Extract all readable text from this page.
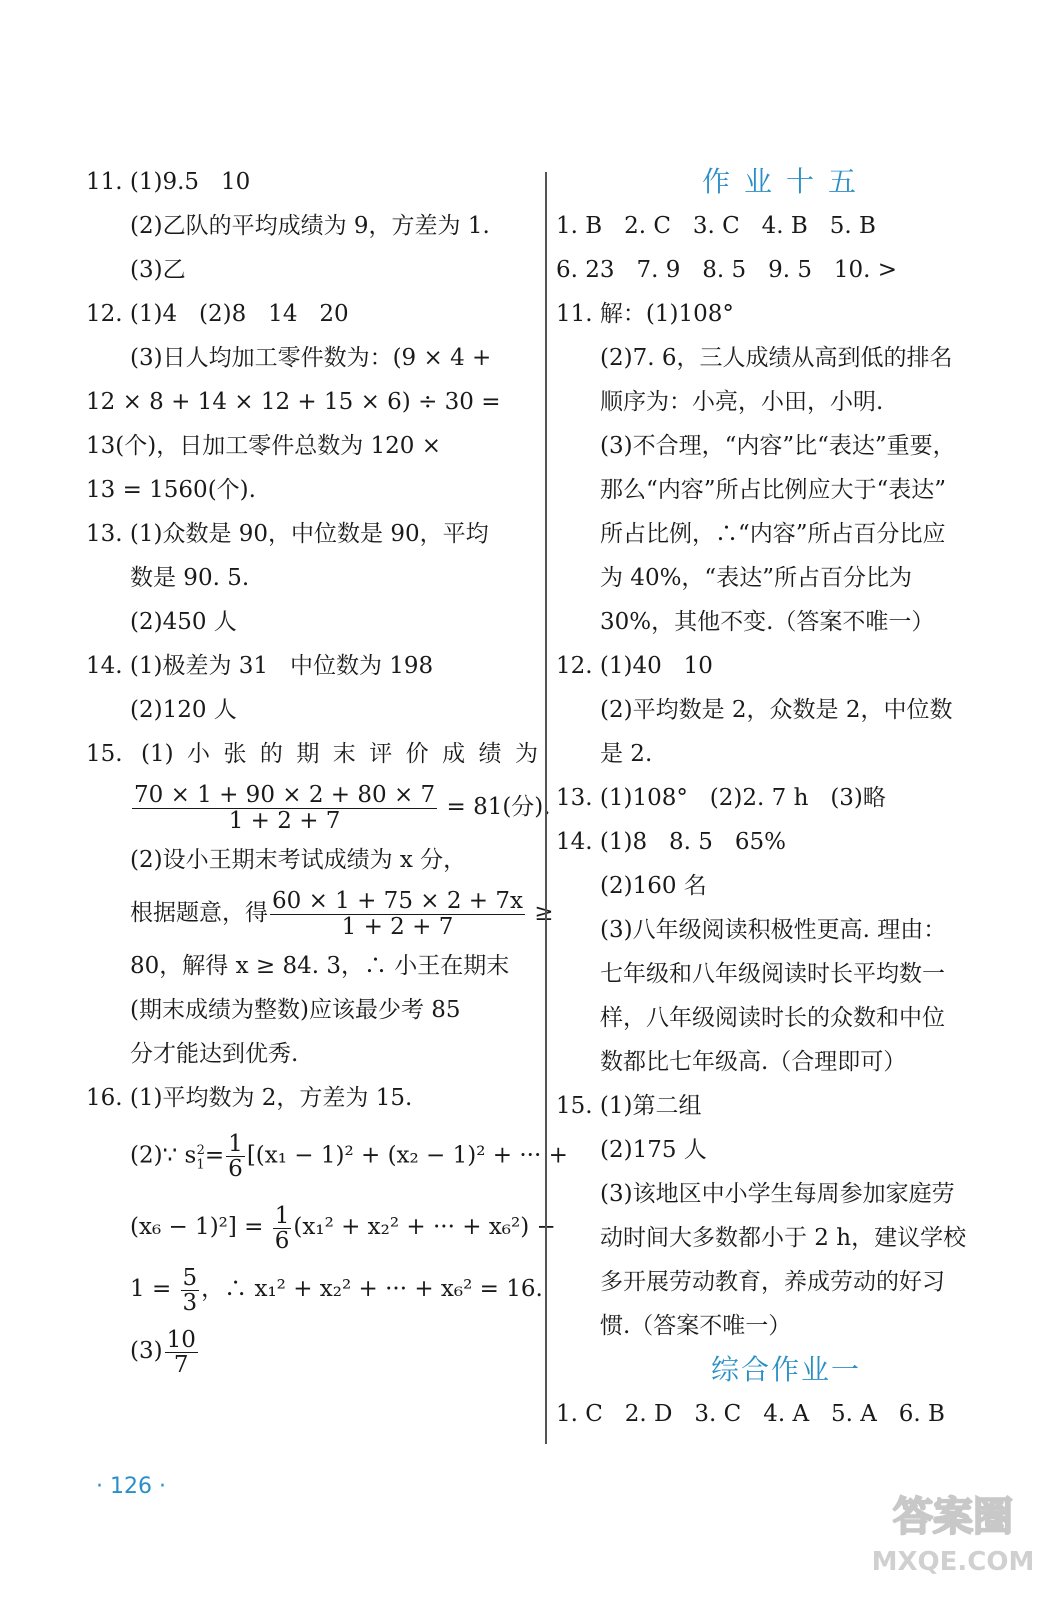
11. (1)9.5   10
(2)乙队的平均成绩为 9，方差为 1.
(3)乙
12. (1)4   (2)8   14   20
(3)日人均加工零件数为：(9 × 4 +
12 × 8 + 14 × 12 + 15 × 6) ÷ 30 =
13(个)，日加工零件总数为 120 ×
13 = 1560(个).
13. (1)众数是 90，中位数是 90，平均
数是 90. 5.
(2)450 人
14. (1)极差为 31   中位数为 198
(2)120 人
15. (1) 小 张 的 期 末 评 价 成 绩 为
$\frac{70 \times 1 + 90 \times 2 + 80 \times 7}{1 + 2 + 7} = 81$(分).
(2)设小王期末考试成绩为 x 分，
根据题意，得 $\frac{60 \times 1 + 75 \times 2 + 7x}{1 + 2 + 7}$ ≥
80，解得 x ≥ 84. 3，∴ 小王在期末
(期末成绩为整数)应该最少考 85
分才能达到优秀.
16. (1)平均数为 2，方差为 15.
(2)∵ $s_1^2= \frac{1}{6} [(x_1 - 1)^2 + (x_2 - 1)^2$ + ··· +
$(x_6 - 1)^2] = \frac{1}{6} (x_1^2 + x_2^2$ + ··· + x₆²) −
$1 = \frac{5}{3}$ ，∴ x₁² + x₂² + ··· + x₆² = 16.
$(3) \frac{10}{7}$
作业十五
1. B   2. C   3. C   4. B   5. B
6. 23   7. 9   8. 5   9. 5   10. >
11. 解：(1)108°
(2)7. 6，三人成绩从高到低的排名
顺序为：小亮，小田，小明.
(3)不合理，“内容”比“表达”重要，
那么“内容”所占比例应大于“表达”
所占比例，∴“内容”所占百分比应
为 40%，“表达”所占百分比为
30%，其他不变.（答案不唯一）
12. (1)40   10
(2)平均数是 2，众数是 2，中位数
是 2.
13. (1)108°   (2)2. 7 h   (3)略
14. (1)8   8. 5   65%
(2)160 名
(3)八年级阅读积极性更高. 理由：
七年级和八年级阅读时长平均数一
样，八年级阅读时长的众数和中位
数都比七年级高.（合理即可）
15. (1)第二组
(2)175 人
(3)该地区中小学生每周参加家庭劳
动时间大多数都小于 2 h，建议学校
多开展劳动教育，养成劳动的好习
惯.（答案不唯一）
综合作业一
1. C   2. D   3. C   4. A   5. A   6. B
· 126 ·
答案圈
MXQE.COM
